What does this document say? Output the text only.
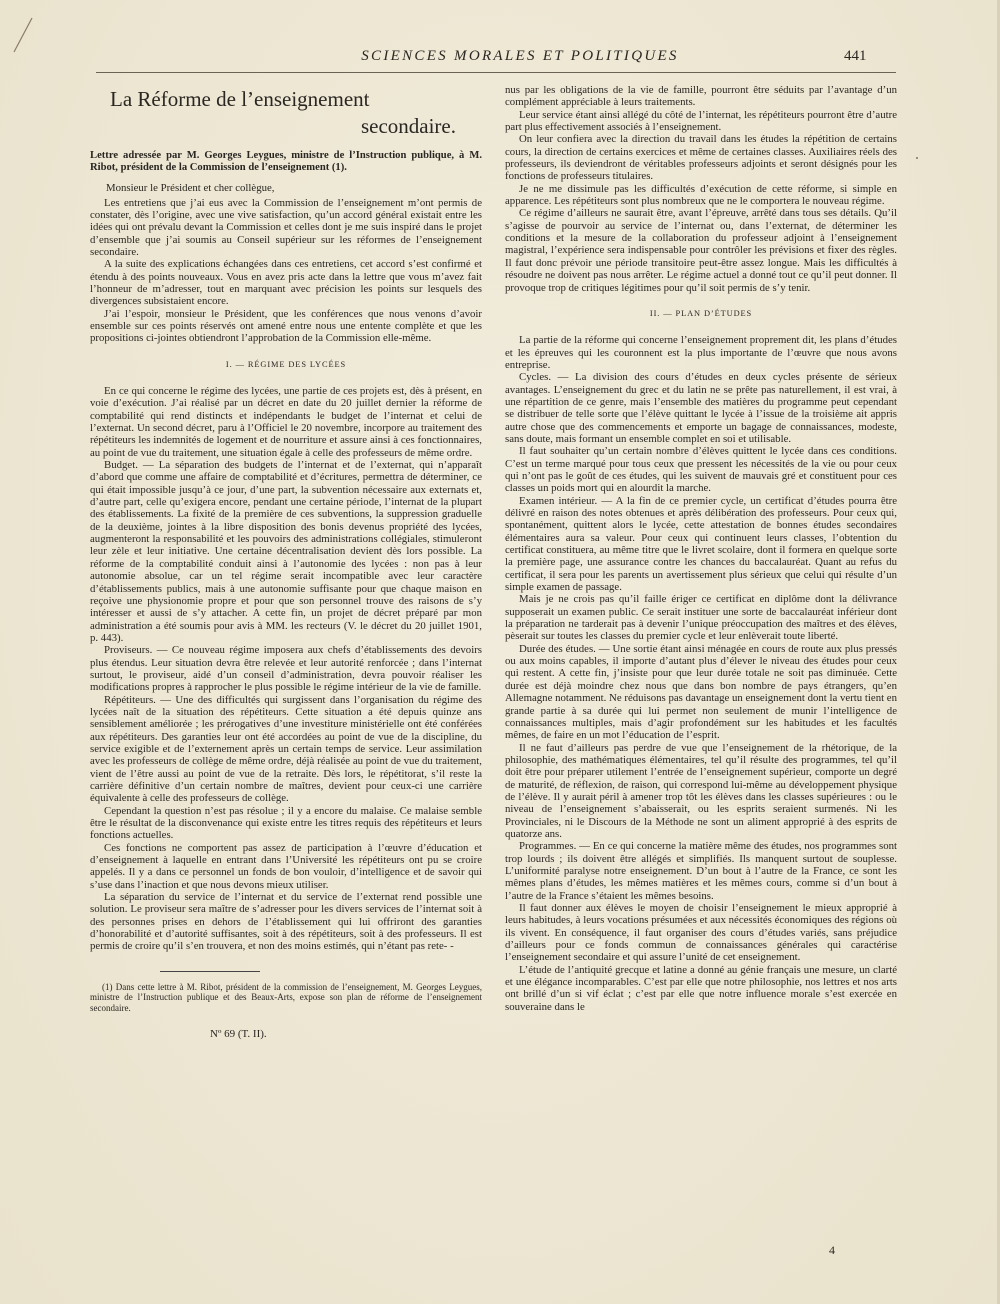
SCIENCES MORALES ET POLITIQUES	441
La Réforme de l’enseignement
secondaire.
Lettre adressée par M. Georges Leygues, ministre de l’Instruction publique, à M. Ribot, président de la Commission de l’enseignement (1).

Monsieur le Président et cher collègue,

Les entretiens que j’ai eus avec la Commission de l’enseignement m’ont permis de constater, dès l’origine, avec une vive satisfaction, qu’un accord général existait entre les idées qui ont prévalu devant la Commission et celles dont je me suis inspiré dans le projet d’ensemble que j’ai soumis au Conseil supérieur sur les réformes de l’enseignement secondaire.

A la suite des explications échangées dans ces entretiens, cet accord s’est confirmé et étendu à des points nouveaux. Vous en avez pris acte dans la lettre que vous m’avez fait l’honneur de m’adresser, tout en marquant avec précision les points sur lesquels des divergences subsistaient encore.

J’ai l’espoir, monsieur le Président, que les conférences que nous venons d’avoir ensemble sur ces points réservés ont amené entre nous une entente complète et que les propositions ci-jointes obtiendront l’approbation de la Commission elle-même.

I. — RÉGIME DES LYCÉES

En ce qui concerne le régime des lycées, une partie de ces projets est, dès à présent, en voie d’exécution. J’ai réalisé par un décret en date du 20 juillet dernier la réforme de comptabilité qui rend distincts et indépendants le budget de l’internat et celui de l’externat. Un second décret, paru à l’Officiel le 20 novembre, incorpore au traitement des répétiteurs les indemnités de logement et de nourriture et assure ainsi à ces fonctionnaires, au point de vue du traitement, une situation égale à celle des professeurs de même ordre.

Budget. — La séparation des budgets de l’internat et de l’externat, qui n’apparaît d’abord que comme une affaire de comptabilité et d’écritures, permettra de déterminer, ce qui était impossible jusqu’à ce jour, d’une part, la subvention nécessaire aux externats et, d’autre part, celle qu’exigera encore, pendant une certaine période, l’internat de la plupart des établissements. La fixité de la première de ces subventions, la suppression graduelle de la deuxième, jointes à la libre disposition des bonis devenus propriété des lycées, augmenteront la responsabilité et les pouvoirs des administrations collégiales, stimuleront leur zèle et leur initiative. Une certaine décentralisation devient dès lors possible. La réforme de la comptabilité conduit ainsi à l’autonomie des lycées : non pas à leur autonomie absolue, car un tel régime serait incompatible avec leur caractère d’établissements publics, mais à une autonomie suffisante pour que chaque maison en reçoive une physionomie propre et pour que son personnel trouve des raisons de s’y intéresser et aussi de s’y attacher. A cette fin, un projet de décret préparé par mon administration a été soumis pour avis à MM. les recteurs (V. le décret du 20 juillet 1901, p. 443).

Proviseurs. — Ce nouveau régime imposera aux chefs d’établissements des devoirs plus étendus. Leur situation devra être relevée et leur autorité renforcée ; dans l’internat surtout, le proviseur, aidé d’un conseil d’administration, devra pouvoir réaliser les modifications propres à rapprocher le plus possible le régime intérieur de la vie de famille.

Répétiteurs. — Une des difficultés qui surgissent dans l’organisation du régime des lycées naît de la situation des répétiteurs. Cette situation a été depuis quinze ans sensiblement améliorée ; les prérogatives d’une investiture ministérielle ont été conférées aux répétiteurs. Des garanties leur ont été accordées au point de vue de la discipline, du service exigible et de l’externement après un certain temps de service. Leur assimilation avec les professeurs de collège de même ordre, déjà réalisée au point de vue du traitement, vient de l’être aussi au point de vue de la retraite. Dès lors, le répétitorat, s’il reste la carrière définitive d’un certain nombre de maîtres, devient pour ceux-ci une carrière équivalente à celle des professeurs de collège.

Cependant la question n’est pas résolue ; il y a encore du malaise. Ce malaise semble être le résultat de la disconvenance qui existe entre les titres requis des répétiteurs et leurs fonctions actuelles.

Ces fonctions ne comportent pas assez de participation à l’œuvre d’éducation et d’enseignement à laquelle en entrant dans l’Université les répétiteurs ont pu se croire appelés. Il y a dans ce personnel un fonds de bon vouloir, d’intelligence et de savoir qui s’use dans l’inaction et que nous devons mieux utiliser.

La séparation du service de l’internat et du service de l’externat rend possible une solution. Le proviseur sera maître de s’adresser pour les divers services de l’internat soit à des personnes prises en dehors de l’établissement qui lui offriront des garanties d’honorabilité et d’autorité suffisantes, soit à des répétiteurs, soit à des professeurs. Il est permis de croire qu’il s’en trouvera, et non des moins estimés, qui n’étant pas rete- -

(1) Dans cette lettre à M. Ribot, président de la commission de l’enseignement, M. Georges Leygues, ministre de l’Instruction publique et des Beaux-Arts, expose son plan de réforme de l’enseignement secondaire.

Nº 69 (T. II).

nus par les obligations de la vie de famille, pourront être séduits par l’avantage d’un complément appréciable à leurs traitements.

Leur service étant ainsi allégé du côté de l’internat, les répétiteurs pourront être d’autre part plus effectivement associés à l’enseignement.

On leur confiera avec la direction du travail dans les études la répétition de certains cours, la direction de certains exercices et même de certaines classes. Auxiliaires réels des professeurs, ils deviendront de véritables professeurs adjoints et seront désignés pour les fonctions de professeurs titulaires.

Je ne me dissimule pas les difficultés d’exécution de cette réforme, si simple en apparence. Les répétiteurs sont plus nombreux que ne le comportera le nouveau régime.

Ce régime d’ailleurs ne saurait être, avant l’épreuve, arrêté dans tous ses détails. Qu’il s’agisse de pourvoir au service de l’internat ou, dans l’externat, de déterminer les conditions et la mesure de la collaboration du professeur adjoint à l’enseignement magistral, l’expérience sera indispensable pour contrôler les prévisions et fixer des règles. Il faut donc prévoir une période transitoire peut-être assez longue. Mais les difficultés à résoudre ne doivent pas nous arrêter. Le régime actuel a donné tout ce qu’il peut donner. Il provoque trop de critiques légitimes pour qu’il soit permis de s’y tenir.

II. — PLAN D’ÉTUDES

La partie de la réforme qui concerne l’enseignement proprement dit, les plans d’études et les épreuves qui les couronnent est la plus importante de l’œuvre que nous avons entreprise.

Cycles. — La division des cours d’études en deux cycles présente de sérieux avantages. L’enseignement du grec et du latin ne se prête pas naturellement, il est vrai, à une répartition de ce genre, mais l’ensemble des matières du programme peut cependant se distribuer de telle sorte que l’élève quittant le lycée à l’issue de la troisième ait appris autre chose que des commencements et emporte un bagage de connaissances, modeste, sans doute, mais formant un ensemble complet en soi et utilisable.

Il faut souhaiter qu’un certain nombre d’élèves quittent le lycée dans ces conditions. C’est un terme marqué pour tous ceux que pressent les nécessités de la vie ou pour ceux qui n’ont pas le goût de ces études, qui les suivent de mauvais gré et constituent pour ces classes un poids mort qui en alourdit la marche.

Examen intérieur. — A la fin de ce premier cycle, un certificat d’études pourra être délivré en raison des notes obtenues et après délibération des professeurs. Pour ceux qui, spontanément, quittent alors le lycée, cette attestation de bonnes études secondaires élémentaires aura sa valeur. Pour ceux qui continuent leurs classes, l’obtention du certificat constituera, au même titre que le livret scolaire, dont il formera en quelque sorte la première page, une assurance contre les chances du baccalauréat. Quant au refus du certificat, il sera pour les parents un avertissement plus sérieux que celui qui résulte d’un simple examen de passage.

Mais je ne crois pas qu’il faille ériger ce certificat en diplôme dont la délivrance supposerait un examen public. Ce serait instituer une sorte de baccalauréat inférieur dont la préparation ne tarderait pas à devenir l’unique préoccupation des maîtres et des élèves, pèserait sur toutes les classes du premier cycle et leur enlèverait toute liberté.

Durée des études. — Une sortie étant ainsi ménagée en cours de route aux plus pressés ou aux moins capables, il importe d’autant plus d’élever le niveau des études pour ceux qui restent. A cette fin, j’insiste pour que leur durée totale ne soit pas diminuée. Cette durée est déjà moindre chez nous que dans bon nombre de pays étrangers, qu’en Allemagne notamment. Ne réduisons pas davantage un enseignement dont la vertu tient en grande partie à sa durée qui lui permet non seulement de munir l’intelligence de connaissances multiples, mais d’agir profondément sur les habitudes et les facultés mêmes, de faire en un mot l’éducation de l’esprit.

Il ne faut d’ailleurs pas perdre de vue que l’enseignement de la rhétorique, de la philosophie, des mathématiques élémentaires, tel qu’il résulte des programmes, tel qu’il doit être pour préparer utilement l’entrée de l’enseignement supérieur, comporte un degré de maturité, de réflexion, de raison, qui correspond lui-même au développement physique de l’élève. Il y aurait péril à amener trop tôt les élèves dans les classes supérieures : ou le niveau de l’enseignement s’abaisserait, ou les esprits seraient surmenés. Ni les Provinciales, ni le Discours de la Méthode ne sont un aliment approprié à des esprits de quatorze ans.

Programmes. — En ce qui concerne la matière même des études, nos programmes sont trop lourds ; ils doivent être allégés et simplifiés. Ils manquent surtout de souplesse. L’uniformité paralyse notre enseignement. D’un bout à l’autre de la France, ce sont les mêmes plans d’études, les mêmes matières et les mêmes cours, comme si d’un bout à l’autre de la France s’étaient les mêmes besoins.

Il faut donner aux élèves le moyen de choisir l’enseignement le mieux approprié à leurs habitudes, à leurs vocations présumées et aux nécessités économiques des régions où ils vivent. En conséquence, il faut organiser des cours d’études variés, sans préjudice d’ailleurs pour ce fonds commun de connaissances générales qui caractérise l’enseignement secondaire et qui assure l’unité de cet enseignement.

L’étude de l’antiquité grecque et latine a donné au génie français une mesure, un clarté et une élégance incomparables. C’est par elle que notre philosophie, nos lettres et nos arts ont brillé d’un si vif éclat ; c’est par elle que notre influence morale s’est exercée en souveraine dans le

4
